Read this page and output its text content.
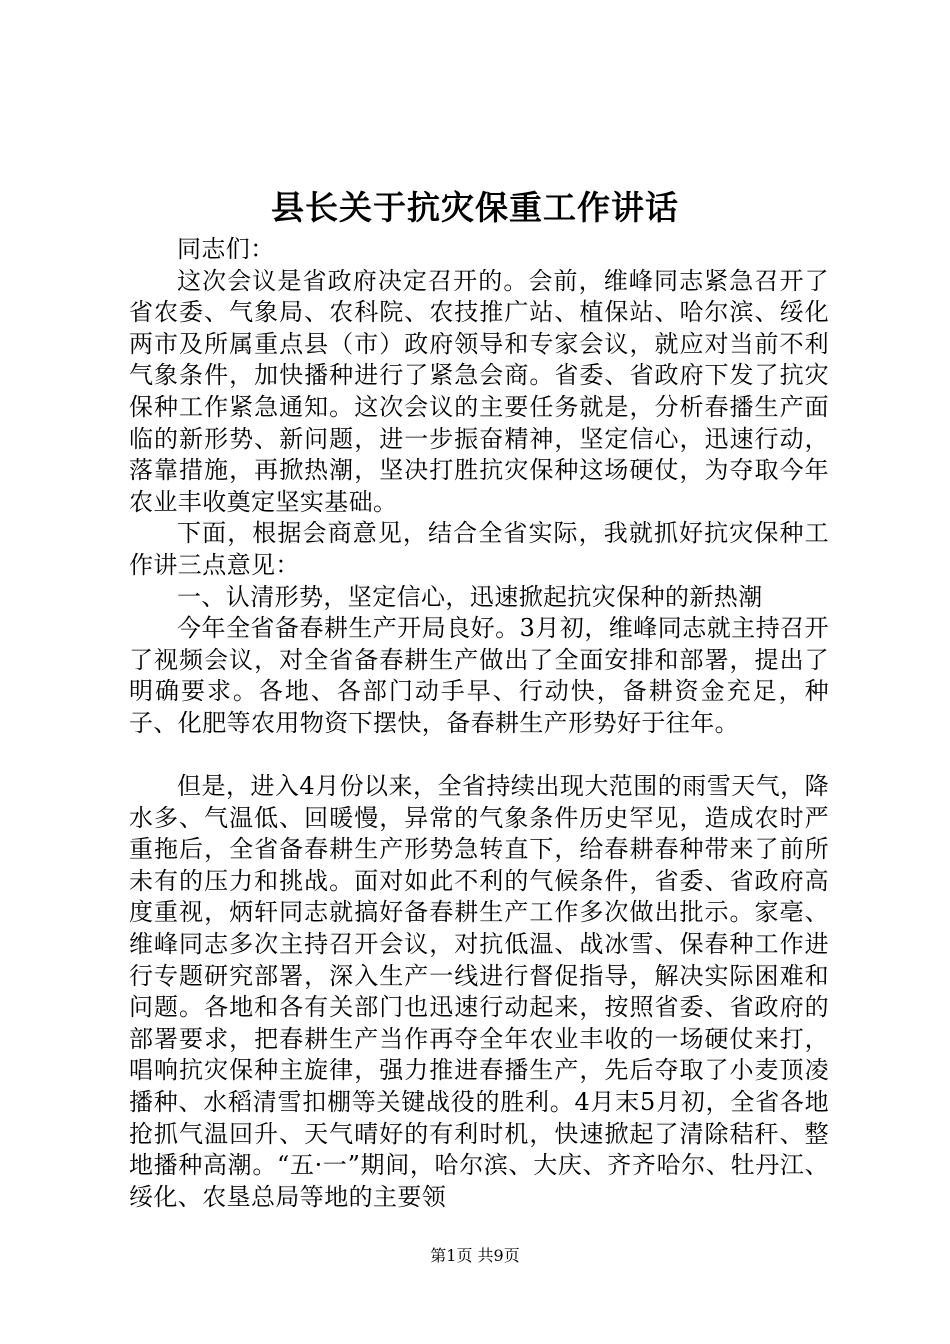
县长关于抗灾保重工作讲话

同志们：

这次会议是省政府决定召开的。会前，维峰同志紧急召开了省农委、气象局、农科院、农技推广站、植保站、哈尔滨、绥化两市及所属重点县（市）政府领导和专家会议，就应对当前不利气象条件，加快播种进行了紧急会商。省委、省政府下发了抗灾保种工作紧急通知。这次会议的主要任务就是，分析春播生产面临的新形势、新问题，进一步振奋精神，坚定信心，迅速行动，落靠措施，再掀热潮，坚决打胜抗灾保种这场硬仗，为夺取今年农业丰收奠定坚实基础。

下面，根据会商意见，结合全省实际，我就抓好抗灾保种工作讲三点意见：

一、认清形势，坚定信心，迅速掀起抗灾保种的新热潮

今年全省备春耕生产开局良好。3月初，维峰同志就主持召开了视频会议，对全省备春耕生产做出了全面安排和部署，提出了明确要求。各地、各部门动手早、行动快，备耕资金充足，种子、化肥等农用物资下摆快，备春耕生产形势好于往年。

但是，进入4月份以来，全省持续出现大范围的雨雪天气，降水多、气温低、回暖慢，异常的气象条件历史罕见，造成农时严重拖后，全省备春耕生产形势急转直下，给春耕春种带来了前所未有的压力和挑战。面对如此不利的气候条件，省委、省政府高度重视，炳轩同志就搞好备春耕生产工作多次做出批示。家亳、维峰同志多次主持召开会议，对抗低温、战冰雪、保春种工作进行专题研究部署，深入生产一线进行督促指导，解决实际困难和问题。各地和各有关部门也迅速行动起来，按照省委、省政府的部署要求，把春耕生产当作再夺全年农业丰收的一场硬仗来打，唱响抗灾保种主旋律，强力推进春播生产，先后夺取了小麦顶凌播种、水稻清雪扣棚等关键战役的胜利。4月末5月初，全省各地抢抓气温回升、天气晴好的有利时机，快速掀起了清除秸秆、整地播种高潮。“五·一”期间，哈尔滨、大庆、齐齐哈尔、牡丹江、绥化、农垦总局等地的主要领

第1页 共9页
